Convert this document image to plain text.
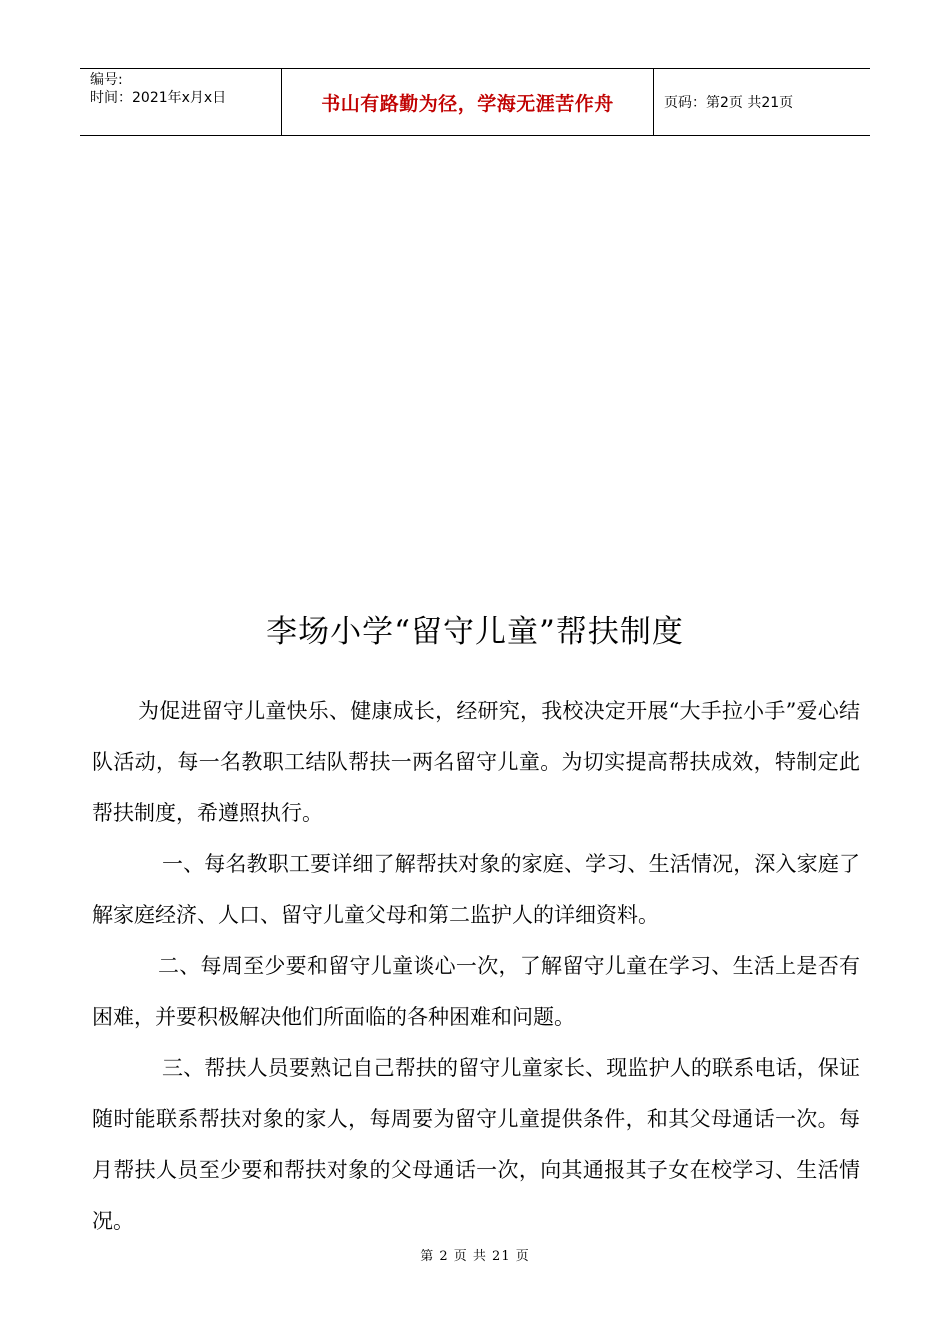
编号:
时间：2021年x月x日	书山有路勤为径，学海无涯苦作舟	页码：第2页 共21页
李场小学“留守儿童”帮扶制度

为促进留守儿童快乐、健康成长，经研究，我校决定开展“大手拉小手”爱心结队活动，每一名教职工结队帮扶一两名留守儿童。为切实提高帮扶成效，特制定此帮扶制度，希遵照执行。

一、每名教职工要详细了解帮扶对象的家庭、学习、生活情况，深入家庭了解家庭经济、人口、留守儿童父母和第二监护人的详细资料。

二、每周至少要和留守儿童谈心一次，了解留守儿童在学习、生活上是否有困难，并要积极解决他们所面临的各种困难和问题。

三、帮扶人员要熟记自己帮扶的留守儿童家长、现监护人的联系电话，保证随时能联系帮扶对象的家人，每周要为留守儿童提供条件，和其父母通话一次。每月帮扶人员至少要和帮扶对象的父母通话一次，向其通报其子女在校学习、生活情况。

第 2 页 共 21 页
